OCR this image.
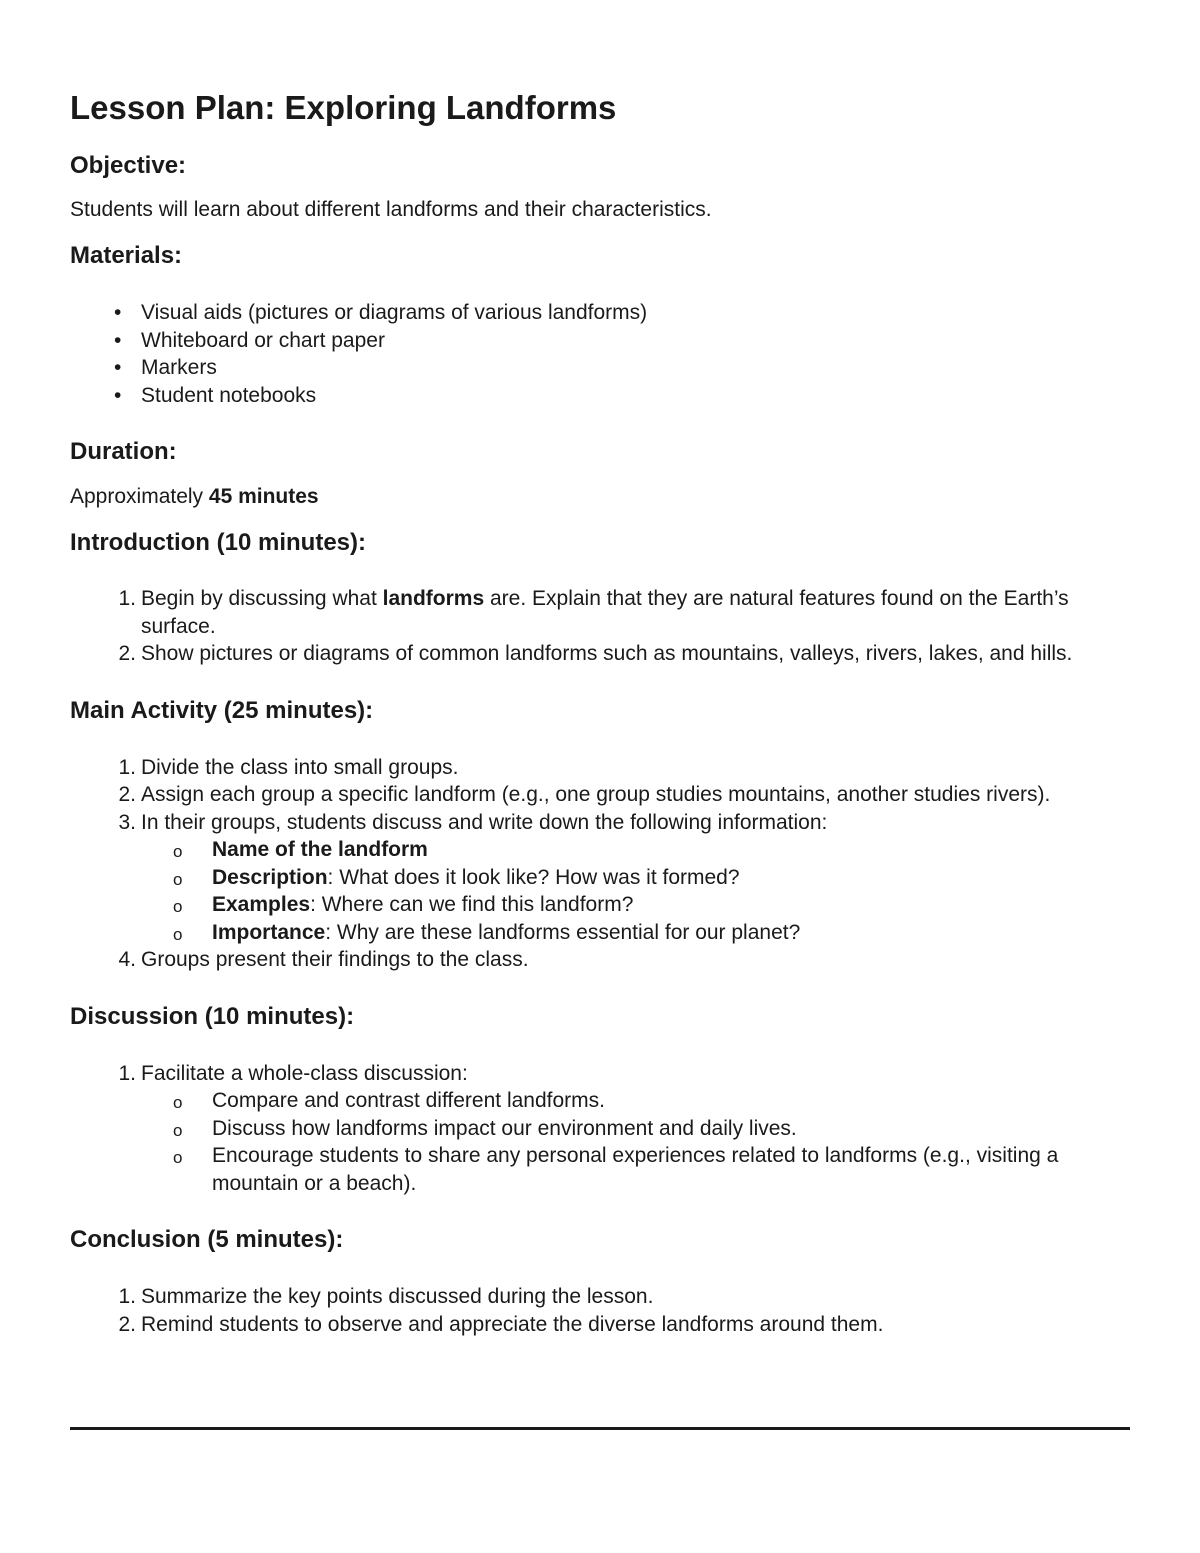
Lesson Plan: Exploring Landforms
Objective:

Students will learn about different landforms and their characteristics.

Materials:
• Visual aids (pictures or diagrams of various landforms)
• Whiteboard or chart paper
• Markers
• Student notebooks
Duration:

Approximately 45 minutes

Introduction (10 minutes):
1. Begin by discussing what landforms are. Explain that they are natural features found on the Earth’s surface.
2. Show pictures or diagrams of common landforms such as mountains, valleys, rivers, lakes, and hills.
Main Activity (25 minutes):
1. Divide the class into small groups.
2. Assign each group a specific landform (e.g., one group studies mountains, another studies rivers).
3. In their groups, students discuss and write down the following information:
o Name of the landform
o Description: What does it look like? How was it formed?
o Examples: Where can we find this landform?
o Importance: Why are these landforms essential for our planet?
4. Groups present their findings to the class.
Discussion (10 minutes):
1. Facilitate a whole-class discussion:
o Compare and contrast different landforms.
o Discuss how landforms impact our environment and daily lives.
o Encourage students to share any personal experiences related to landforms (e.g., visiting a mountain or a beach).
Conclusion (5 minutes):
1. Summarize the key points discussed during the lesson.
2. Remind students to observe and appreciate the diverse landforms around them.
